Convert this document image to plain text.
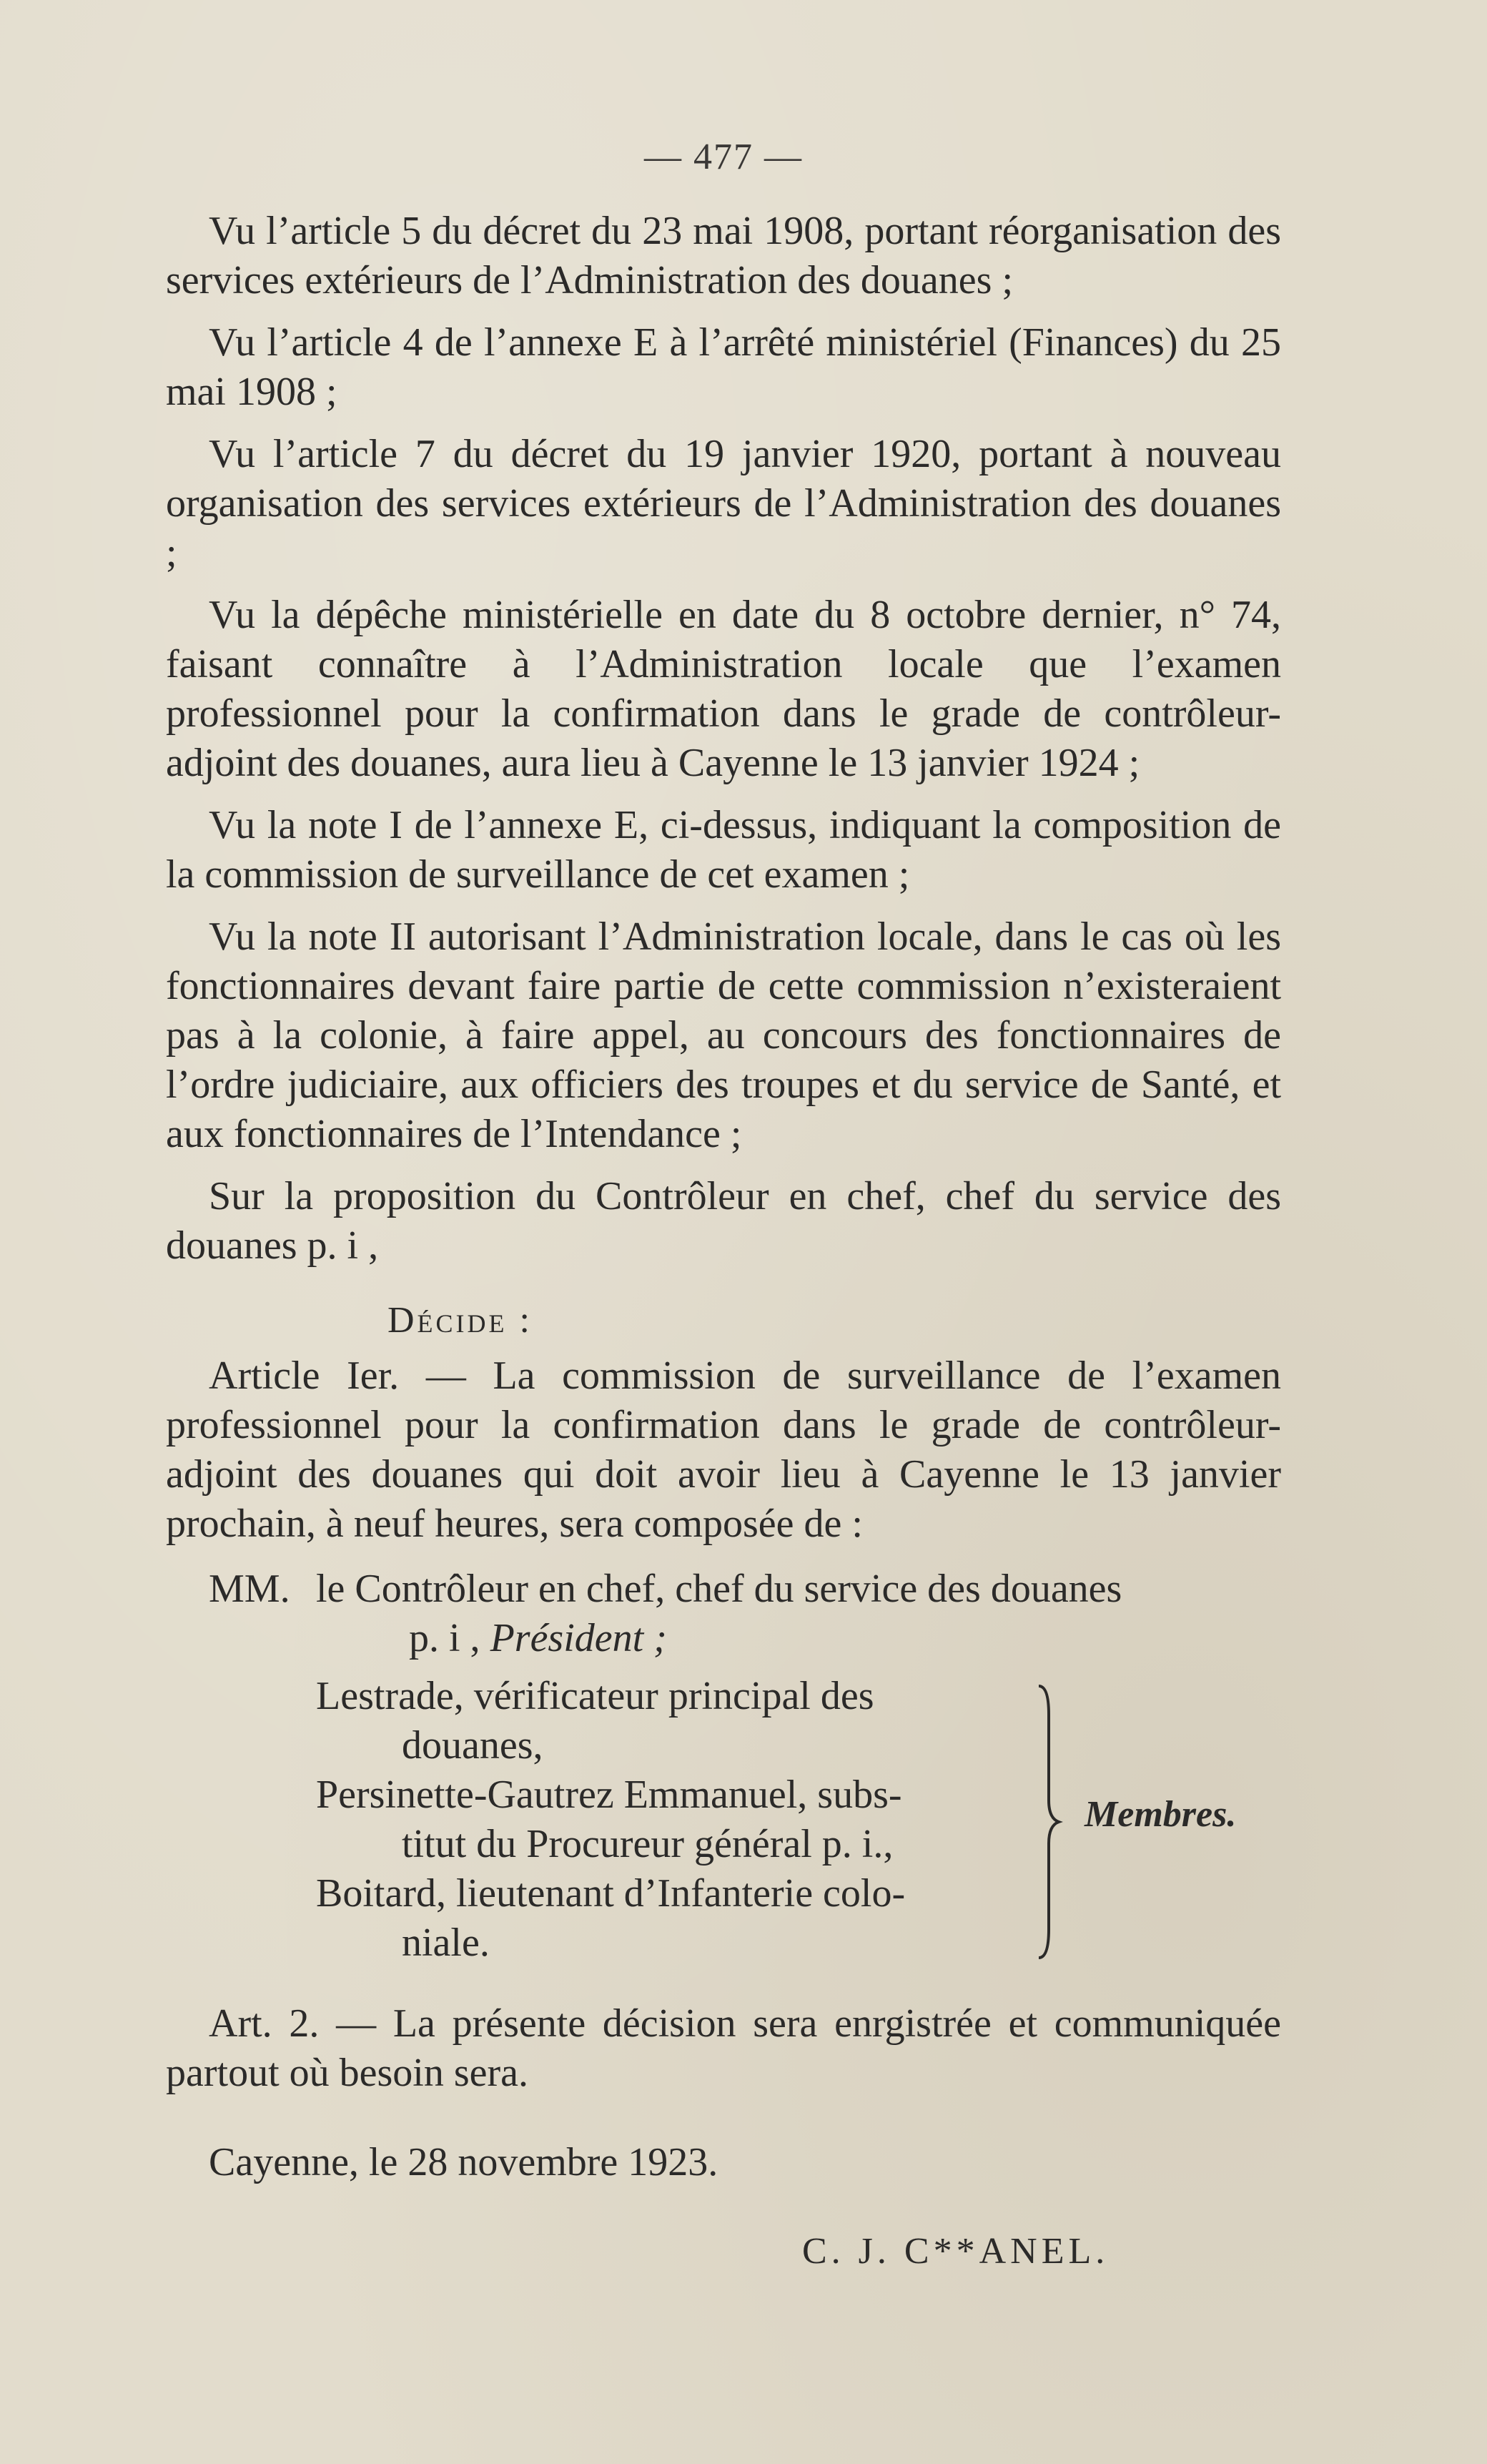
— 477 —

Vu l’article 5 du décret du 23 mai 1908, portant réorganisation des services extérieurs de l’Administration des douanes ;

Vu l’article 4 de l’annexe E à l’arrêté ministériel (Finances) du 25 mai 1908 ;

Vu l’article 7 du décret du 19 janvier 1920, portant à nouveau organisation des services extérieurs de l’Administration des douanes ;

Vu la dépêche ministérielle en date du 8 octobre dernier, n° 74, faisant connaître à l’Administration locale que l’examen professionnel pour la confirmation dans le grade de contrôleur-adjoint des douanes, aura lieu à Cayenne le 13 janvier 1924 ;

Vu la note I de l’annexe E, ci-dessus, indiquant la composition de la commission de surveillance de cet examen ;

Vu la note II autorisant l’Administration locale, dans le cas où les fonctionnaires devant faire partie de cette commission n’existeraient pas à la colonie, à faire appel, au concours des fonctionnaires de l’ordre judiciaire, aux officiers des troupes et du service de Santé, et aux fonctionnaires de l’Intendance ;

Sur la proposition du Contrôleur en chef, chef du service des douanes p. i ,

Décide :

Article Ier. — La commission de surveillance de l’examen professionnel pour la confirmation dans le grade de contrôleur-adjoint des douanes qui doit avoir lieu à Cayenne le 13 janvier prochain, à neuf heures, sera composée de :

MM. le Contrôleur en chef, chef du service des douanes
p. i , Président ;
Lestrade, vérificateur principal des
douanes,
Persinette-Gautrez Emmanuel, subs-
titut du Procureur général p. i.,
Boitard, lieutenant d’Infanterie colo-
niale.
Membres.

Art. 2. — La présente décision sera enrgistrée et communiquée partout où besoin sera.

Cayenne, le 28 novembre 1923.
C. J. C**ANEL.
